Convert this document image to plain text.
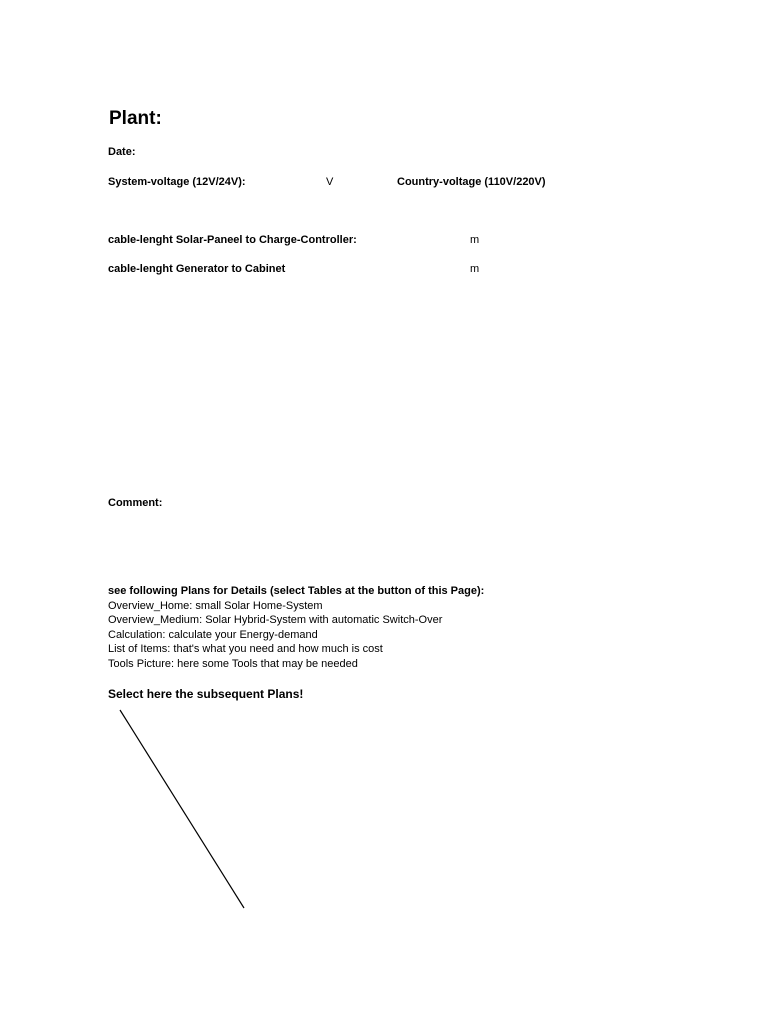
Plant:
Date:
System-voltage (12V/24V):	V	Country-voltage (110V/220V)
cable-lenght Solar-Paneel to Charge-Controller:	m
cable-lenght Generator to Cabinet	m
Comment:
see following Plans for Details (select Tables at the button of this Page):
Overview_Home: small Solar Home-System
Overview_Medium: Solar Hybrid-System with automatic Switch-Over
Calculation: calculate your Energy-demand
List of Items: that's what you need and how much is cost
Tools Picture: here some Tools that may be needed
Select here the subsequent Plans!
